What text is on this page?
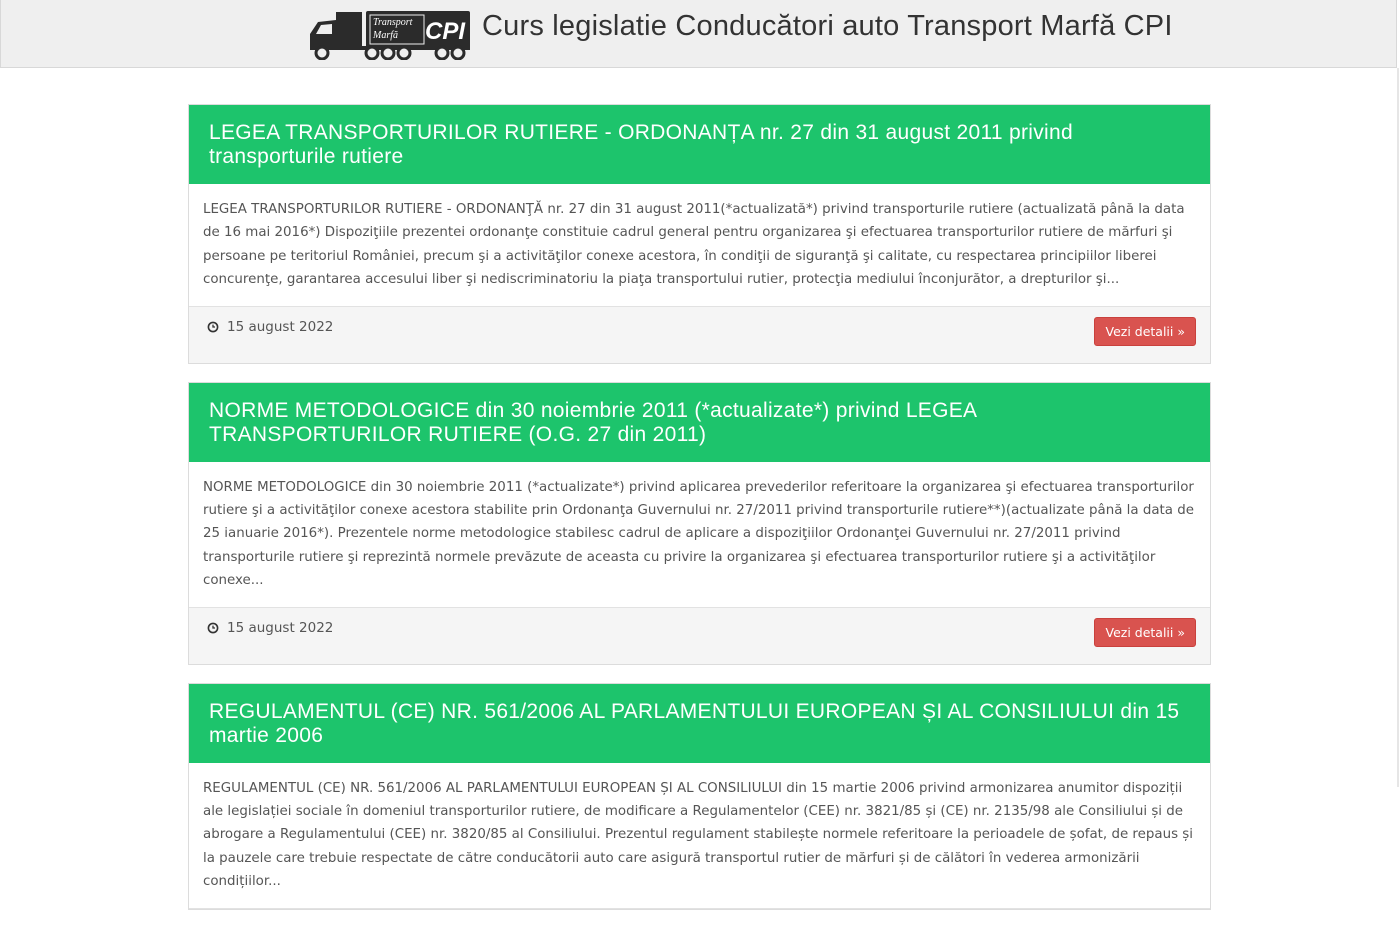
Transport
Marfă CPI Curs legislatie Conducători auto Transport Marfă CPI
LEGEA TRANSPORTURILOR RUTIERE - ORDONANȚA nr. 27 din 31 august 2011 privind transporturile rutiere
LEGEA TRANSPORTURILOR RUTIERE - ORDONANŢĂ nr. 27 din 31 august 2011(*actualizată*) privind transporturile rutiere (actualizată până la data de 16 mai 2016*) Dispoziţiile prezentei ordonanţe constituie cadrul general pentru organizarea şi efectuarea transporturilor rutiere de mărfuri şi persoane pe teritoriul României, precum şi a activităţilor conexe acestora, în condiţii de siguranţă şi calitate, cu respectarea principiilor liberei concurenţe, garantarea accesului liber şi nediscriminatoriu la piaţa transportului rutier, protecţia mediului înconjurător, a drepturilor şi...
15 august 2022	Vezi detalii »
NORME METODOLOGICE din 30 noiembrie 2011 (*actualizate*) privind LEGEA TRANSPORTURILOR RUTIERE (O.G. 27 din 2011)
NORME METODOLOGICE din 30 noiembrie 2011 (*actualizate*) privind aplicarea prevederilor referitoare la organizarea şi efectuarea transporturilor rutiere şi a activităţilor conexe acestora stabilite prin Ordonanţa Guvernului nr. 27/2011 privind transporturile rutiere**)(actualizate până la data de 25 ianuarie 2016*). Prezentele norme metodologice stabilesc cadrul de aplicare a dispoziţiilor Ordonanţei Guvernului nr. 27/2011 privind transporturile rutiere şi reprezintă normele prevăzute de aceasta cu privire la organizarea şi efectuarea transporturilor rutiere şi a activităţilor conexe...
15 august 2022	Vezi detalii »
REGULAMENTUL (CE) NR. 561/2006 AL PARLAMENTULUI EUROPEAN ȘI AL CONSILIULUI din 15 martie 2006
REGULAMENTUL (CE) NR. 561/2006 AL PARLAMENTULUI EUROPEAN ȘI AL CONSILIULUI din 15 martie 2006 privind armonizarea anumitor dispoziții ale legislației sociale în domeniul transporturilor rutiere, de modificare a Regulamentelor (CEE) nr. 3821/85 și (CE) nr. 2135/98 ale Consiliului și de abrogare a Regulamentului (CEE) nr. 3820/85 al Consiliului. Prezentul regulament stabilește normele referitoare la perioadele de șofat, de repaus și la pauzele care trebuie respectate de către conducătorii auto care asigură transportul rutier de mărfuri și de călători în vederea armonizării condițiilor...
